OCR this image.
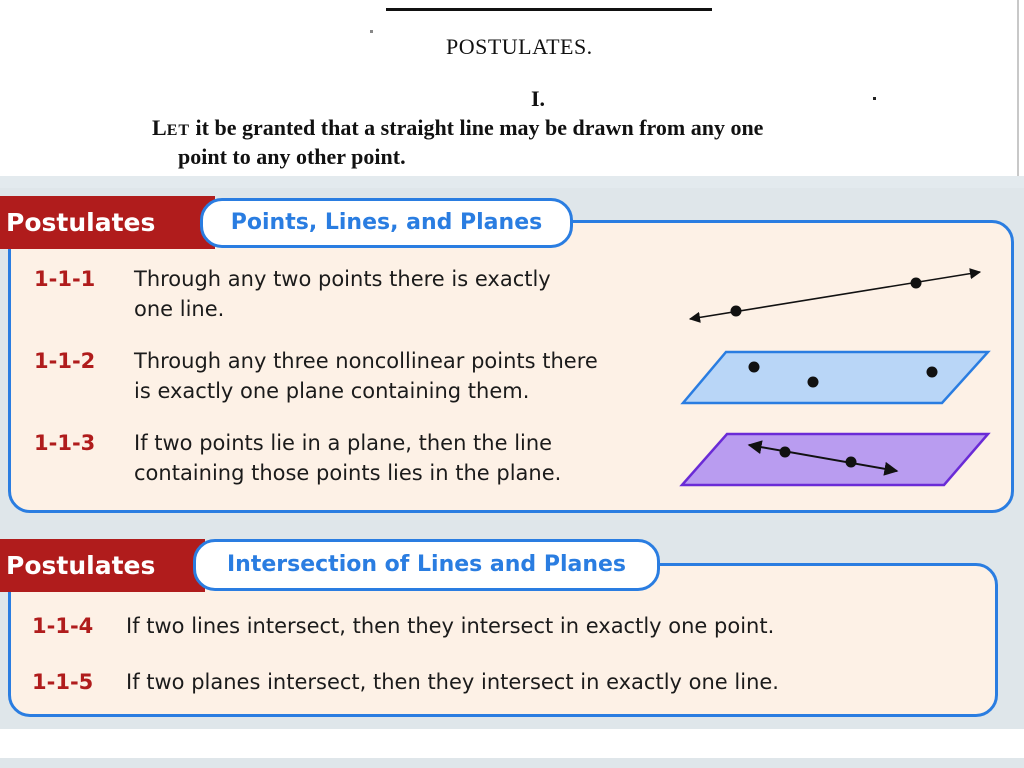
POSTULATES.
I.
LET it be granted that a straight line may be drawn from any one
point to any other point.
Postulates	Points, Lines, and Planes
1-1-1 Through any two points there is exactly
one line.
1-1-2 Through any three noncollinear points there
is exactly one plane containing them.
1-1-3 If two points lie in a plane, then the line
containing those points lies in the plane.
Postulates	Intersection of Lines and Planes
1-1-4 If two lines intersect, then they intersect in exactly one point.
1-1-5 If two planes intersect, then they intersect in exactly one line.
